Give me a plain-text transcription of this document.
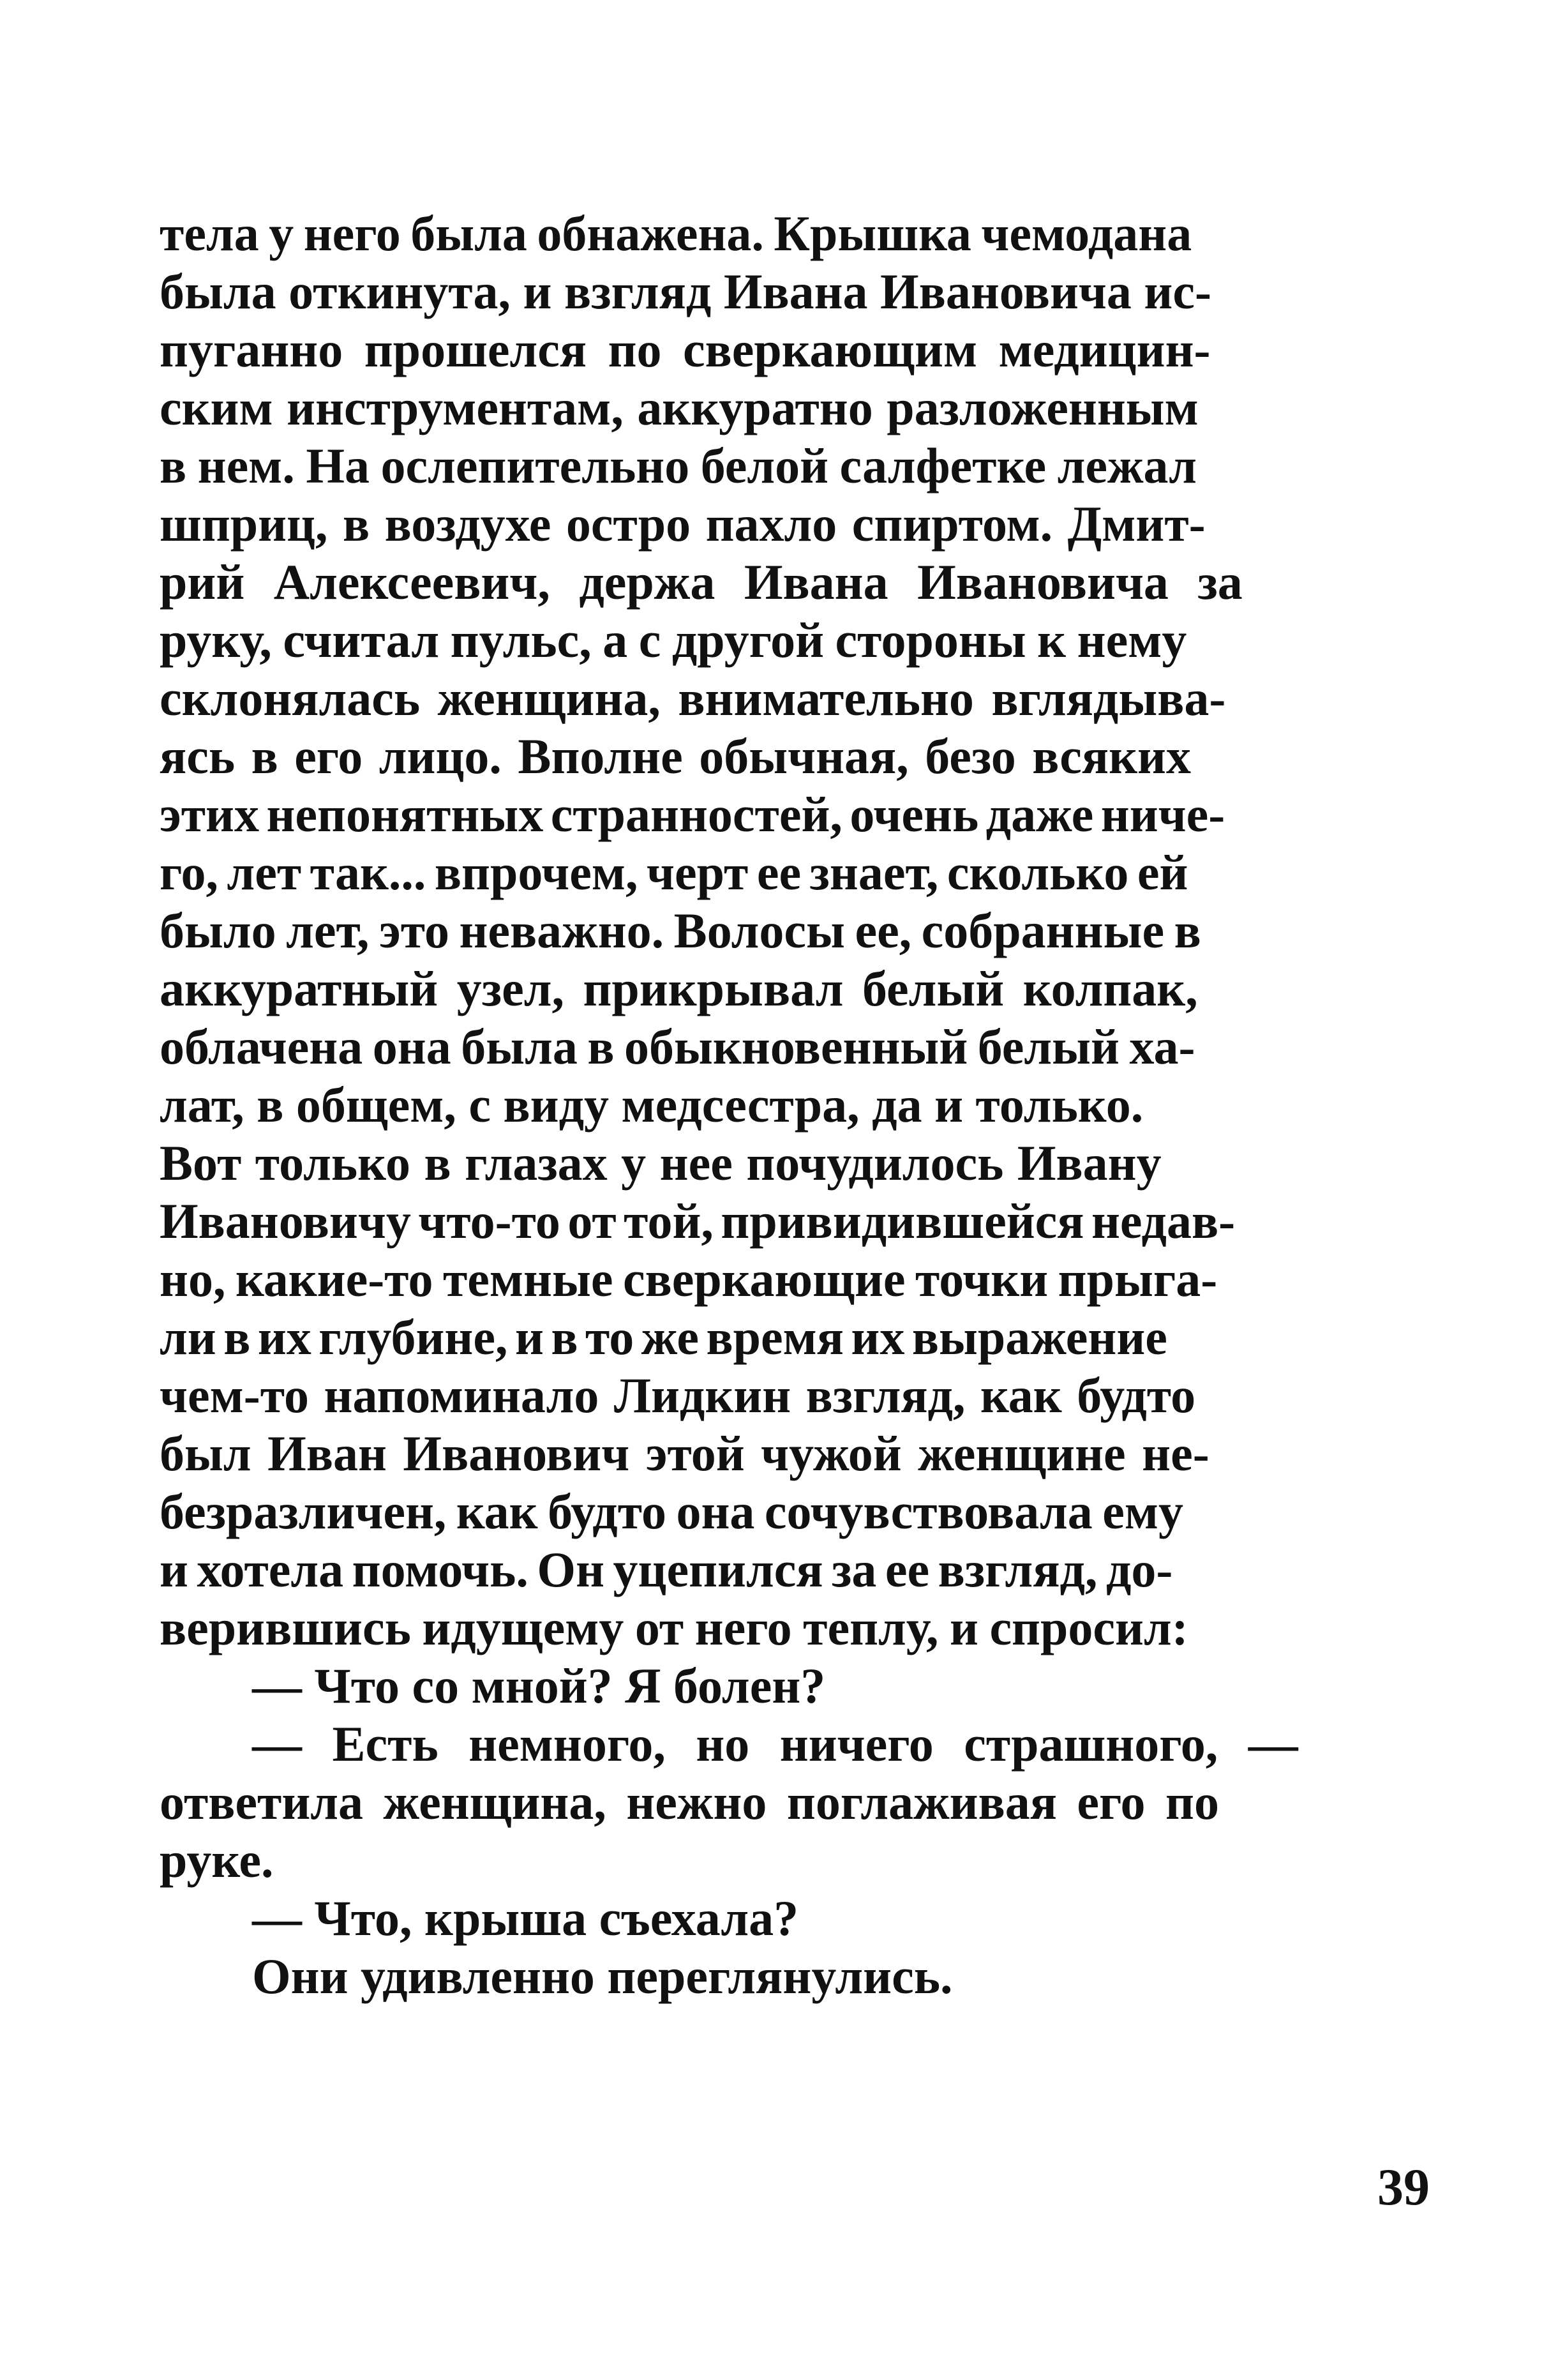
тела у него была обнажена. Крышка чемодана
была откинута, и взгляд Ивана Ивановича ис-
пуганно прошелся по сверкающим медицин-
ским инструментам, аккуратно разложенным
в нем. На ослепительно белой салфетке лежал
шприц, в воздухе остро пахло спиртом. Дмит-
рий Алексеевич, держа Ивана Ивановича за
руку, считал пульс, а с другой стороны к нему
склонялась женщина, внимательно вглядыва-
ясь в его лицо. Вполне обычная, безо всяких
этих непонятных странностей, очень даже ниче-
го, лет так... впрочем, черт ее знает, сколько ей
было лет, это неважно. Волосы ее, собранные в
аккуратный узел, прикрывал белый колпак,
облачена она была в обыкновенный белый ха-
лат, в общем, с виду медсестра, да и только.
Вот только в глазах у нее почудилось Ивану
Ивановичу что-то от той, привидившейся недав-
но, какие-то темные сверкающие точки прыга-
ли в их глубине, и в то же время их выражение
чем-то напоминало Лидкин взгляд, как будто
был Иван Иванович этой чужой женщине не-
безразличен, как будто она сочувствовала ему
и хотела помочь. Он уцепился за ее взгляд, до-
верившись идущему от него теплу, и спросил:
— Что со мной? Я болен?
— Есть немного, но ничего страшного, —
ответила женщина, нежно поглаживая его по
руке.
— Что, крыша съехала?
Они удивленно переглянулись.
39
